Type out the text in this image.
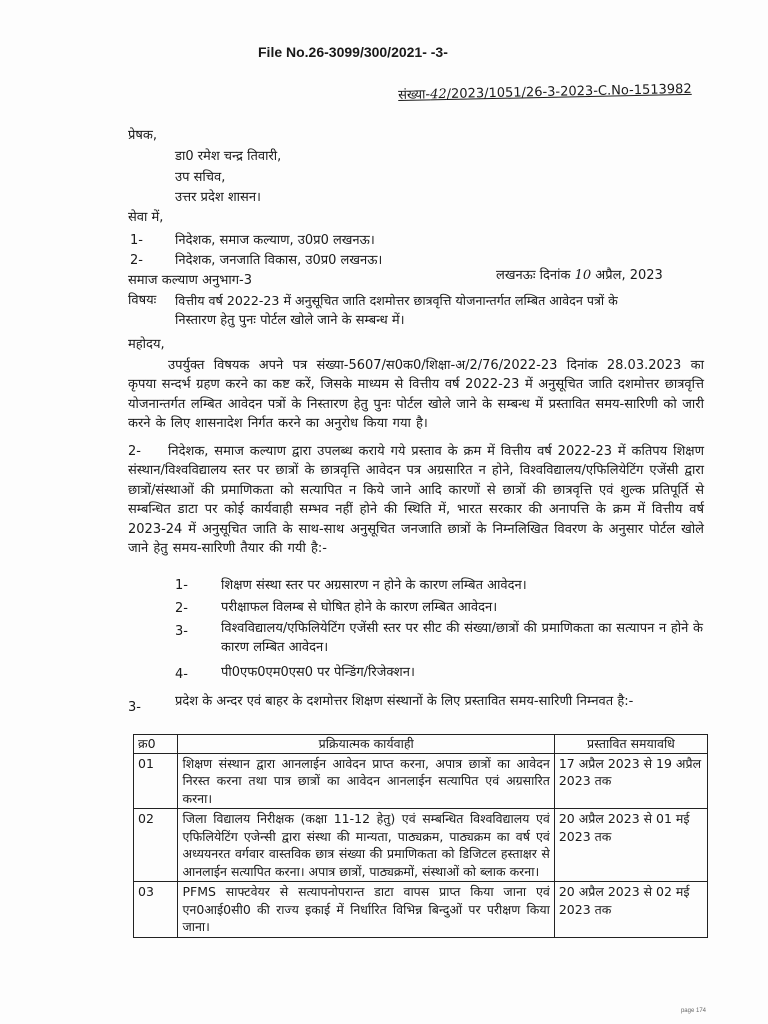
File No.26-3099/300/2021- -3-
संख्या-42/2023/1051/26-3-2023-C.No-1513982
प्रेषक,
डा0 रमेश चन्द्र तिवारी,
उप सचिव,
उत्तर प्रदेश शासन।
सेवा में,
1- निदेशक, समाज कल्याण, उ0प्र0 लखनऊ।
2- निदेशक, जनजाति विकास, उ0प्र0 लखनऊ।
समाज कल्याण अनुभाग-3	लखनऊः दिनांक 10 अप्रैल, 2023
विषयः वित्तीय वर्ष 2022-23 में अनुसूचित जाति दशमोत्तर छात्रवृत्ति योजनान्तर्गत लम्बित आवेदन पत्रों के
निस्तारण हेतु पुनः पोर्टल खोले जाने के सम्बन्ध में।
महोदय,
उपर्युक्त विषयक अपने पत्र संख्या-5607/स0क0/शिक्षा-अ/2/76/2022-23 दिनांक 28.03.2023 का कृपया सन्दर्भ ग्रहण करने का कष्ट करें, जिसके माध्यम से वित्तीय वर्ष 2022-23 में अनुसूचित जाति दशमोत्तर छात्रवृत्ति योजनान्तर्गत लम्बित आवेदन पत्रों के निस्तारण हेतु पुनः पोर्टल खोले जाने के सम्बन्ध में प्रस्तावित समय-सारिणी को जारी करने के लिए शासनादेश निर्गत करने का अनुरोध किया गया है।
2- निदेशक, समाज कल्याण द्वारा उपलब्ध कराये गये प्रस्ताव के क्रम में वित्तीय वर्ष 2022-23 में कतिपय शिक्षण संस्थान/विश्वविद्यालय स्तर पर छात्रों के छात्रवृत्ति आवेदन पत्र अग्रसारित न होने, विश्वविद्यालय/एफिलियेटिंग एजेंसी द्वारा छात्रों/संस्थाओं की प्रमाणिकता को सत्यापित न किये जाने आदि कारणों से छात्रों की छात्रवृत्ति एवं शुल्क प्रतिपूर्ति से सम्बन्धित डाटा पर कोई कार्यवाही सम्भव नहीं होने की स्थिति में, भारत सरकार की अनापत्ति के क्रम में वित्तीय वर्ष 2023-24 में अनुसूचित जाति के साथ-साथ अनुसूचित जनजाति छात्रों के निम्नलिखित विवरण के अनुसार पोर्टल खोले जाने हेतु समय-सारिणी तैयार की गयी है:-
1-	शिक्षण संस्था स्तर पर अग्रसारण न होने के कारण लम्बित आवेदन।
2-	परीक्षाफल विलम्ब से घोषित होने के कारण लम्बित आवेदन।
3-	विश्वविद्यालय/एफिलियेटिंग एजेंसी स्तर पर सीट की संख्या/छात्रों की प्रमाणिकता का सत्यापन न होने के कारण लम्बित आवेदन।
4-	पी0एफ0एम0एस0 पर पेन्डिंग/रिजेक्शन।
3-	प्रदेश के अन्दर एवं बाहर के दशमोत्तर शिक्षण संस्थानों के लिए प्रस्तावित समय-सारिणी निम्नवत है:-
क्र0	प्रक्रियात्मक कार्यवाही	प्रस्तावित समयावधि
01	शिक्षण संस्थान द्वारा आनलाईन आवेदन प्राप्त करना, अपात्र छात्रों का आवेदन निरस्त करना तथा पात्र छात्रों का आवेदन आनलाईन सत्यापित एवं अग्रसारित करना।	17 अप्रैल 2023 से 19 अप्रैल 2023 तक
02	जिला विद्यालय निरीक्षक (कक्षा 11-12 हेतु) एवं सम्बन्धित विश्वविद्यालय एवं एफिलियेटिंग एजेन्सी द्वारा संस्था की मान्यता, पाठ्यक्रम, पाठ्यक्रम का वर्ष एवं अध्ययनरत वर्गवार वास्तविक छात्र संख्या की प्रमाणिकता को डिजिटल हस्ताक्षर से आनलाईन सत्यापित करना। अपात्र छात्रों, पाठ्यक्रमों, संस्थाओं को ब्लाक करना।	20 अप्रैल 2023 से 01 मई 2023 तक
03	PFMS साफ्टवेयर से सत्यापनोपरान्त डाटा वापस प्राप्त किया जाना एवं एन0आई0सी0 की राज्य इकाई में निर्धारित विभिन्न बिन्दुओं पर परीक्षण किया जाना।	20 अप्रैल 2023 से 02 मई 2023 तक
page 174
